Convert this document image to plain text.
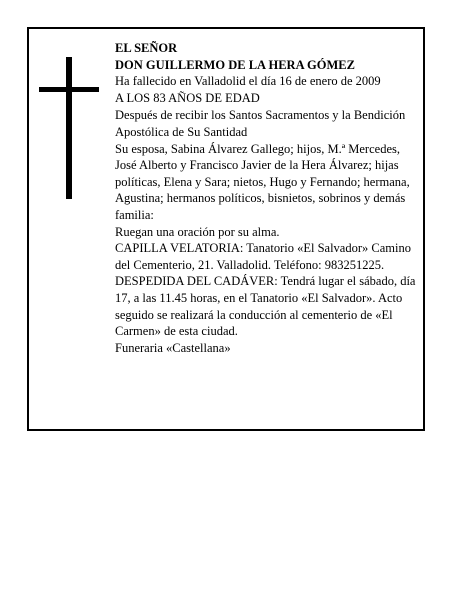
EL SEÑOR
DON GUILLERMO DE LA HERA GÓMEZ
Ha fallecido en Valladolid el día 16 de enero de 2009
A LOS 83 AÑOS DE EDAD
Después de recibir los Santos Sacramentos y la Bendición Apostólica de Su Santidad
Su esposa, Sabina Álvarez Gallego; hijos, M.ª Mercedes, José Alberto y Francisco Javier de la Hera Álvarez; hijas políticas, Elena y Sara; nietos, Hugo y Fernando; hermana, Agustina; hermanos políticos, bisnietos, sobrinos y demás familia:
Ruegan una oración por su alma.
CAPILLA VELATORIA: Tanatorio «El Salvador» Camino del Cementerio, 21. Valladolid. Teléfono: 983251225.
DESPEDIDA DEL CADÁVER: Tendrá lugar el sábado, día 17, a las 11.45 horas, en el Tanatorio «El Salvador». Acto seguido se realizará la conducción al cementerio de «El Carmen» de esta ciudad.
Funeraria «Castellana»
